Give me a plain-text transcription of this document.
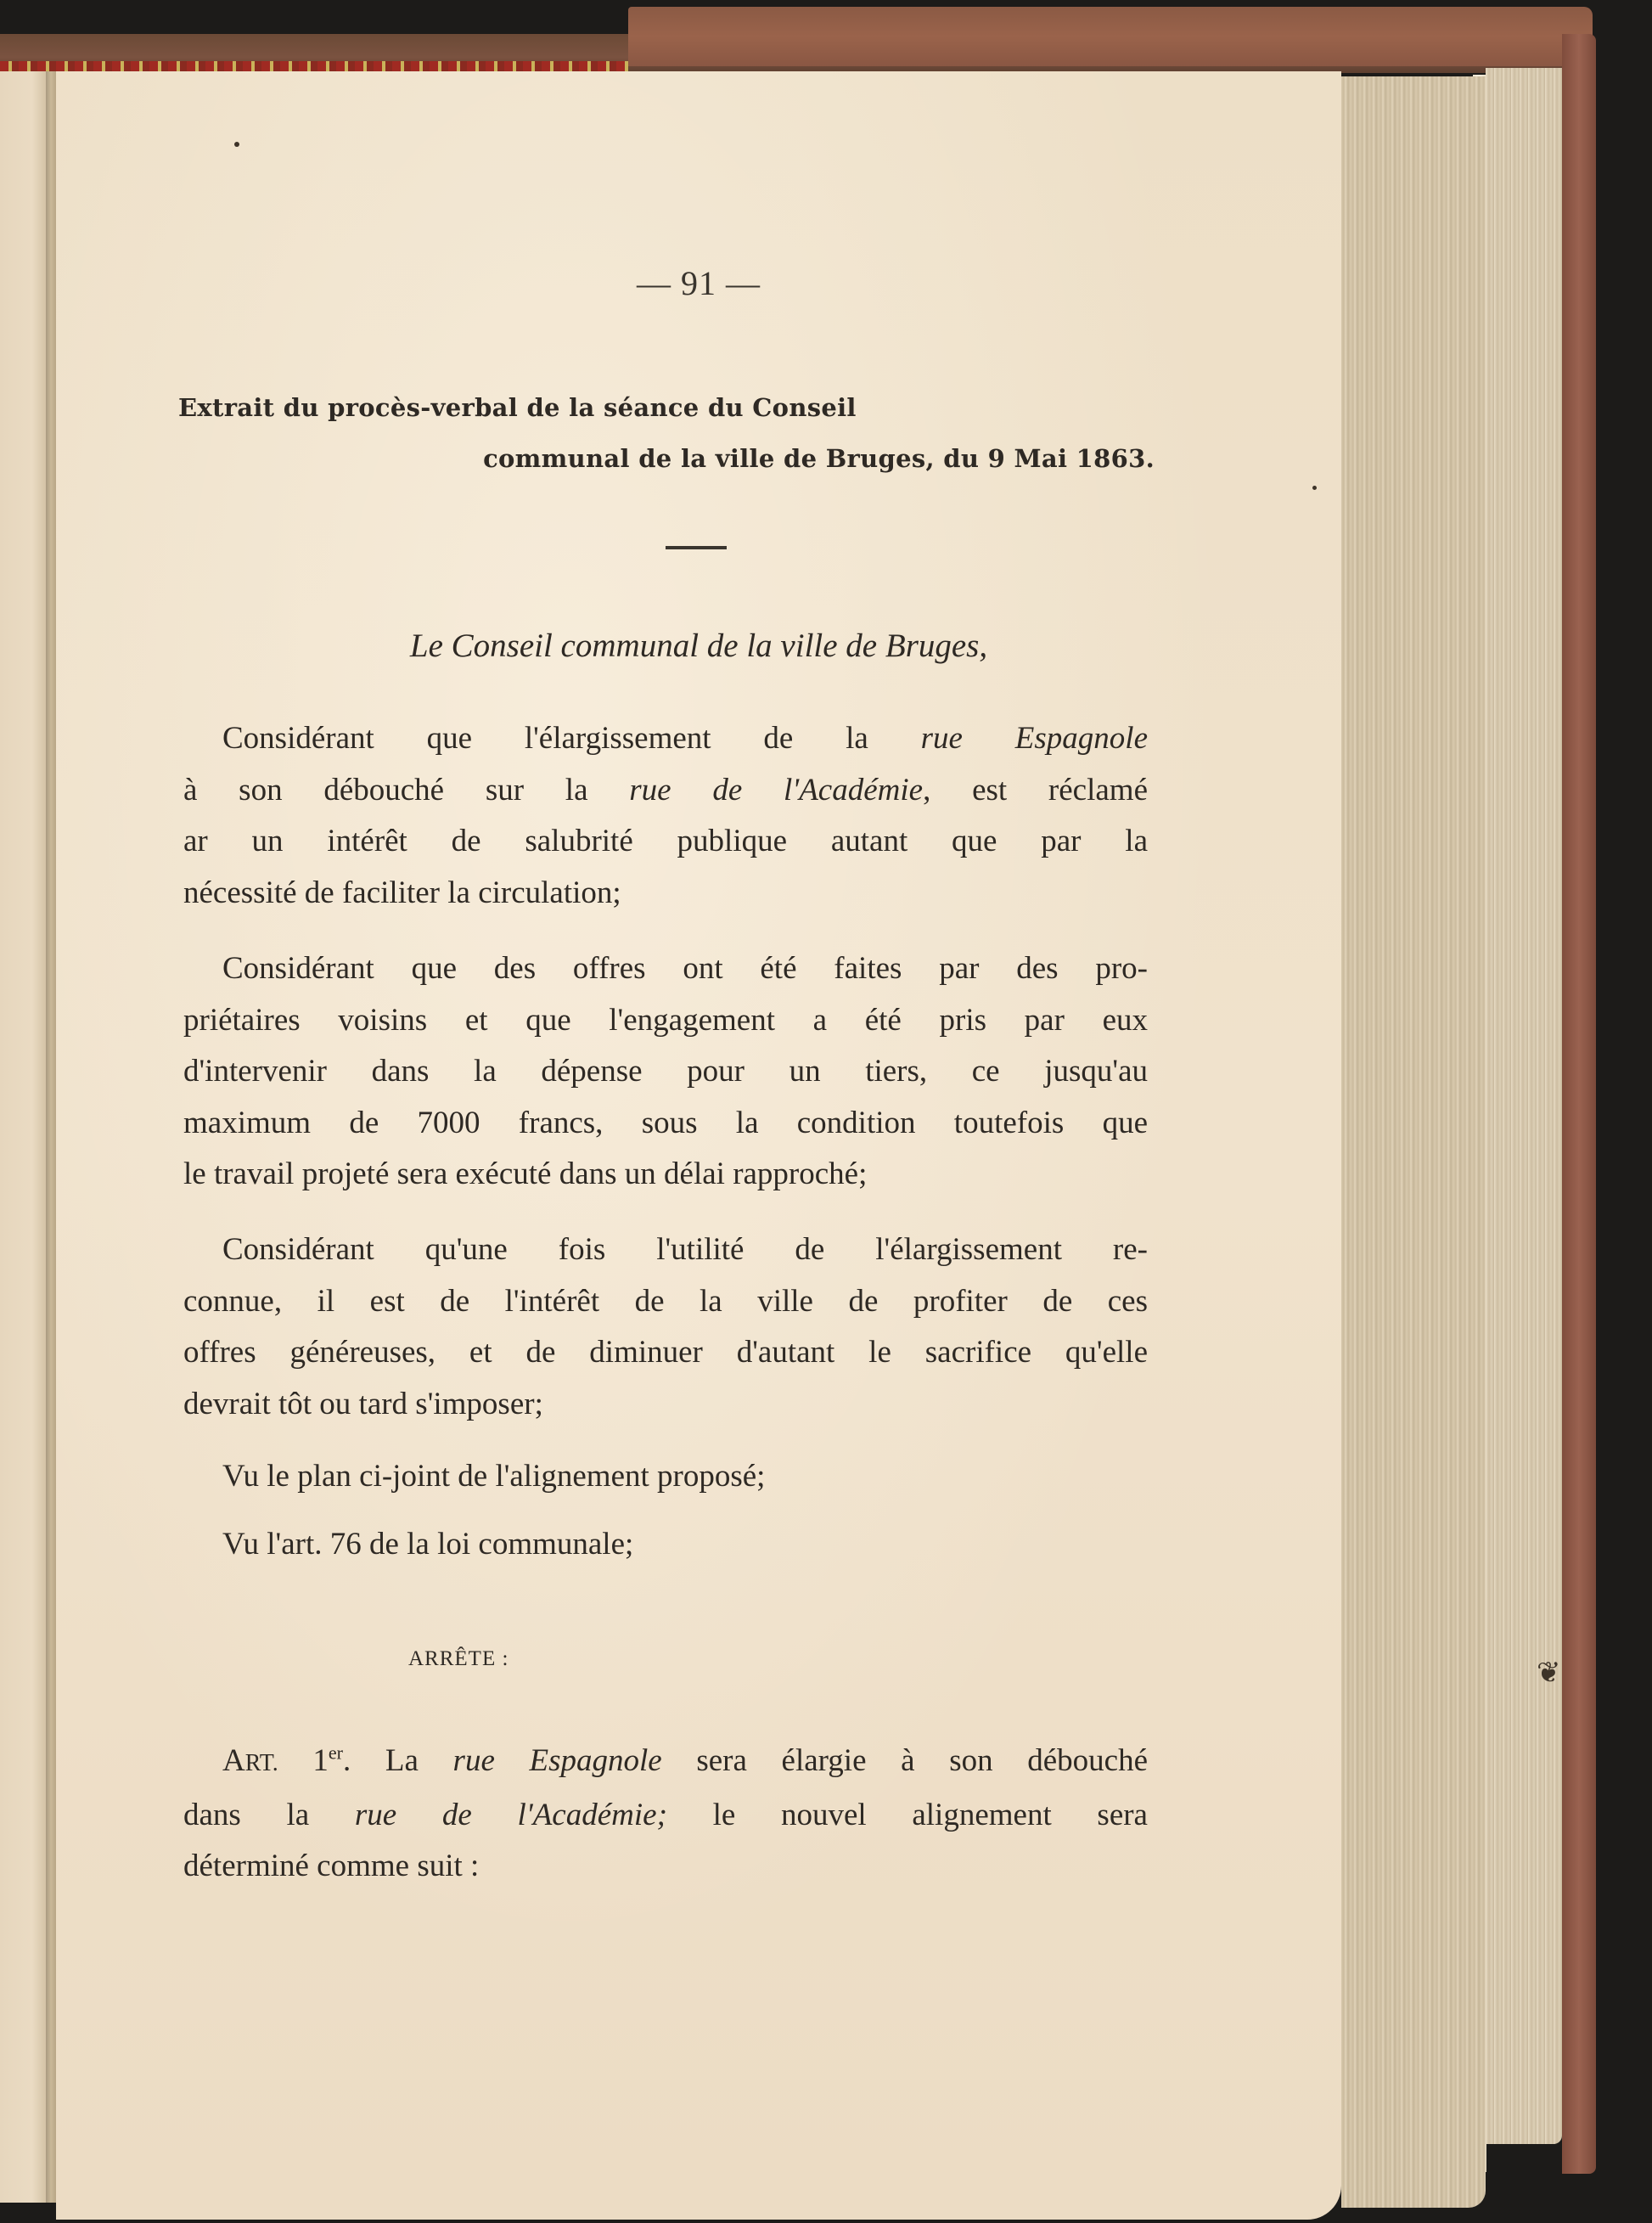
— 91 —
Extrait du procès-verbal de la séance du Conseil
communal de la ville de Bruges, du 9 Mai 1863.
Le Conseil communal de la ville de Bruges,
Considérant que l'élargissement de la rue Espagnole
à son débouché sur la rue de l'Académie, est réclamé
ar un intérêt de salubrité publique autant que par la
nécessité de faciliter la circulation;
Considérant que des offres ont été faites par des pro-
priétaires voisins et que l'engagement a été pris par eux
d'intervenir dans la dépense pour un tiers, ce jusqu'au
maximum de 7000 francs, sous la condition toutefois que
le travail projeté sera exécuté dans un délai rapproché;
Considérant qu'une fois l'utilité de l'élargissement re-
connue, il est de l'intérêt de la ville de profiter de ces
offres généreuses, et de diminuer d'autant le sacrifice qu'elle
devrait tôt ou tard s'imposer;
Vu le plan ci-joint de l'alignement proposé;
Vu l'art. 76 de la loi communale;
ARRÊTE :
ART. 1er. La rue Espagnole sera élargie à son débouché
dans la rue de l'Académie; le nouvel alignement sera
déterminé comme suit :
❦
